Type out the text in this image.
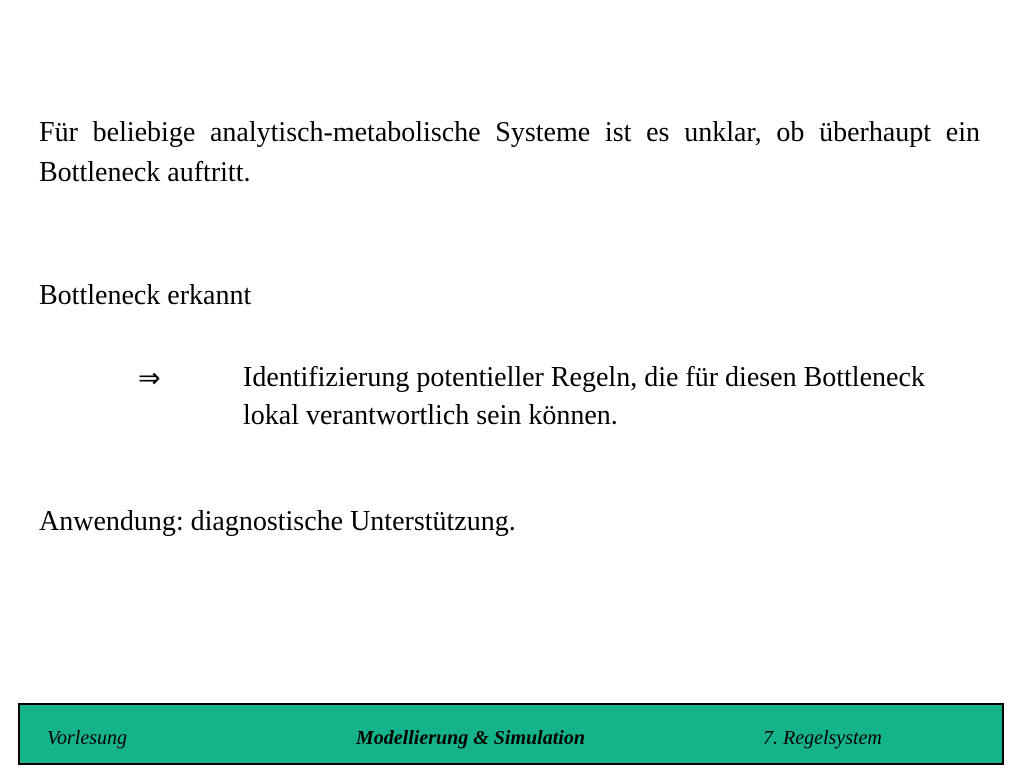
Für beliebige analytisch-metabolische Systeme ist es unklar, ob überhaupt ein Bottleneck auftritt.

Bottleneck erkannt

⇒	Identifizierung potentieller Regeln, die für diesen Bottleneck lokal verantwortlich sein können.

Anwendung: diagnostische Unterstützung.

Vorlesung	Modellierung & Simulation	7. Regelsystem
